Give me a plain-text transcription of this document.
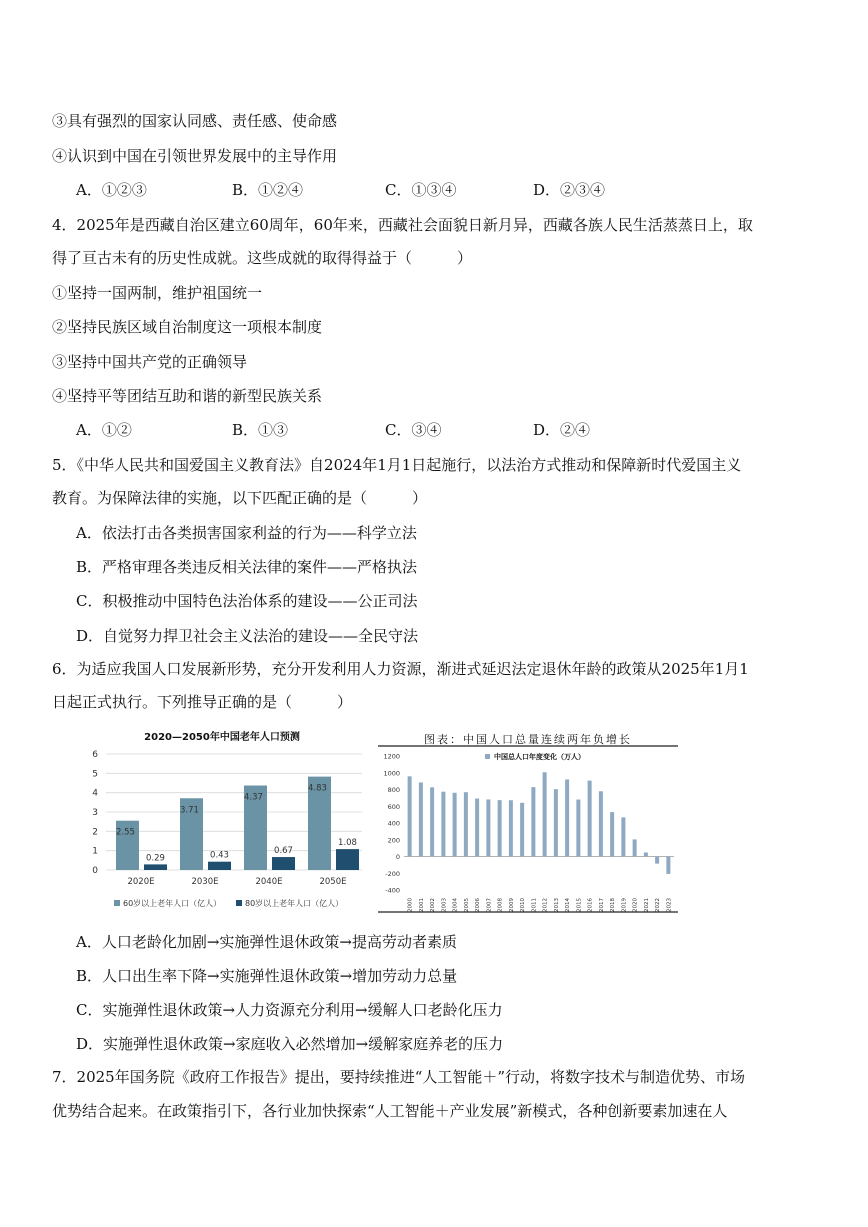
③具有强烈的国家认同感、责任感、使命感
④认识到中国在引领世界发展中的主导作用
A．①②③	B．①②④	C．①③④	D．②③④
4．2025年是西藏自治区建立60周年，60年来，西藏社会面貌日新月异，西藏各族人民生活蒸蒸日上，取
得了亘古未有的历史性成就。这些成就的取得得益于（　　　）
①坚持一国两制，维护祖国统一
②坚持民族区域自治制度这一项根本制度
③坚持中国共产党的正确领导
④坚持平等团结互助和谐的新型民族关系
A．①②	B．①③	C．③④	D．②④
5．《中华人民共和国爱国主义教育法》自2024年1月1日起施行，以法治方式推动和保障新时代爱国主义
教育。为保障法律的实施，以下匹配正确的是（　　　）
A．依法打击各类损害国家利益的行为——科学立法
B．严格审理各类违反相关法律的案件——严格执法
C．积极推动中国特色法治体系的建设——公正司法
D．自觉努力捍卫社会主义法治的建设——全民守法
6．为适应我国人口发展新形势，充分开发利用人力资源，渐进式延迟法定退休年龄的政策从2025年1月1
日起正式执行。下列推导正确的是（　　　）
2020—2050年中国老年人口预测
0
1
2
3
4
5
6
2.55
0.29
2020E
3.71
0.43
2030E
4.37
0.67
2040E
4.83
1.08
2050E
60岁以上老年人口（亿人）	80岁以上老年人口（亿人）
图表：中国人口总量连续两年负增长
中国总人口年度变化（万人）
-400
-200
0
200
400
600
800
1000
1200
2000 2001 2002 2003 2004 2005 2006 2007 2008 2009 2010 2011 2012 2013 2014 2015 2016 2017 2018 2019 2020 2021 2022 2023
A．人口老龄化加剧→实施弹性退休政策→提高劳动者素质
B．人口出生率下降→实施弹性退休政策→增加劳动力总量
C．实施弹性退休政策→人力资源充分利用→缓解人口老龄化压力
D．实施弹性退休政策→家庭收入必然增加→缓解家庭养老的压力
7．2025年国务院《政府工作报告》提出，要持续推进“人工智能＋”行动，将数字技术与制造优势、市场
优势结合起来。在政策指引下，各行业加快探索“人工智能＋产业发展”新模式，各种创新要素加速在人
